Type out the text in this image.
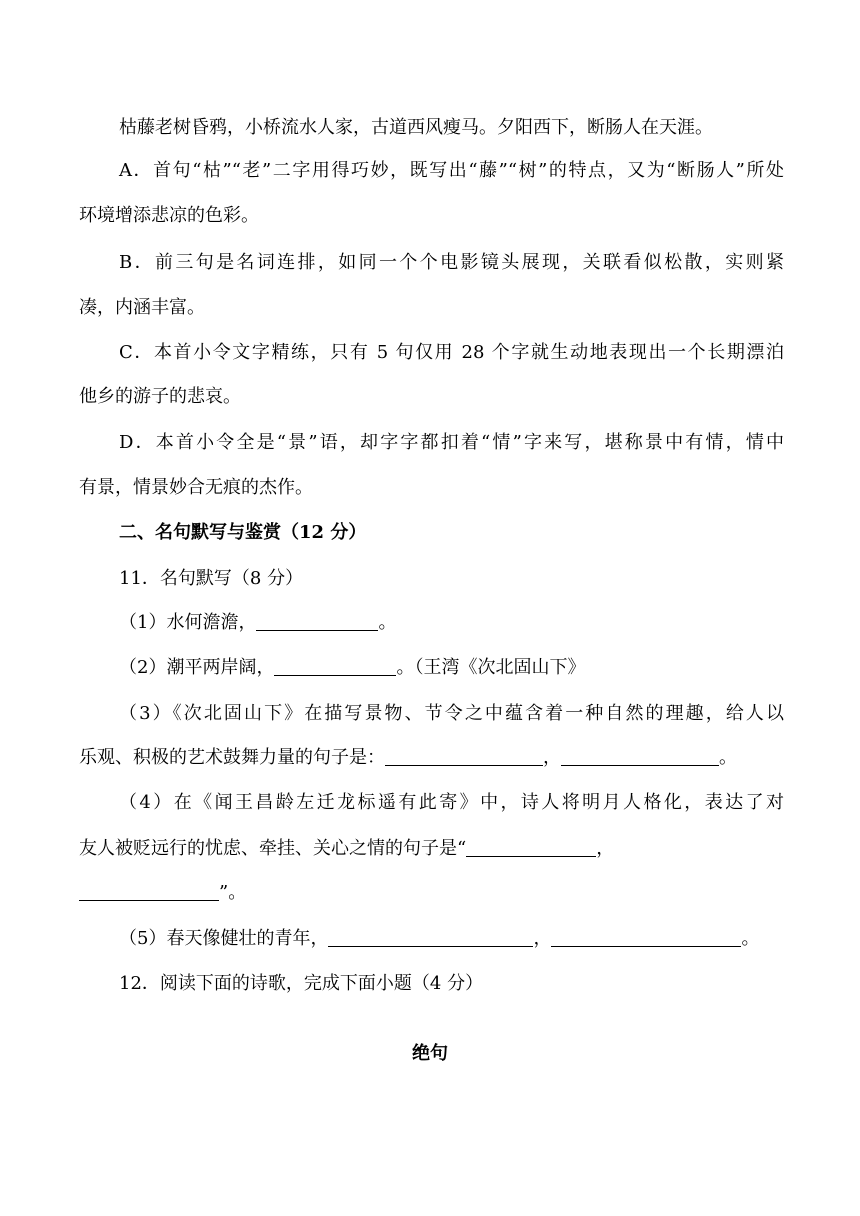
枯藤老树昏鸦，小桥流水人家，古道西风瘦马。夕阳西下，断肠人在天涯。
A．首句“枯”“老”二字用得巧妙，既写出“藤”“树”的特点，又为“断肠人”所处
环境增添悲凉的色彩。
B．前三句是名词连排，如同一个个电影镜头展现，关联看似松散，实则紧
凑，内涵丰富。
C．本首小令文字精练，只有 5 句仅用 28 个字就生动地表现出一个长期漂泊
他乡的游子的悲哀。
D．本首小令全是“景”语，却字字都扣着“情”字来写，堪称景中有情，情中
有景，情景妙合无痕的杰作。
二、名句默写与鉴赏（12 分）
11．名句默写（8 分）
（1）水何澹澹，	。
（2）潮平两岸阔，	。（王湾《次北固山下》
（3）《次北固山下》在描写景物、节令之中蕴含着一种自然的理趣，给人以
乐观、积极的艺术鼓舞力量的句子是：	，	。
（4）在《闻王昌龄左迁龙标遥有此寄》中，诗人将明月人格化，表达了对
友人被贬远行的忧虑、牵挂、关心之情的句子是“	，
”。
（5）春天像健壮的青年，	，	。
12．阅读下面的诗歌，完成下面小题（4 分）
绝句
